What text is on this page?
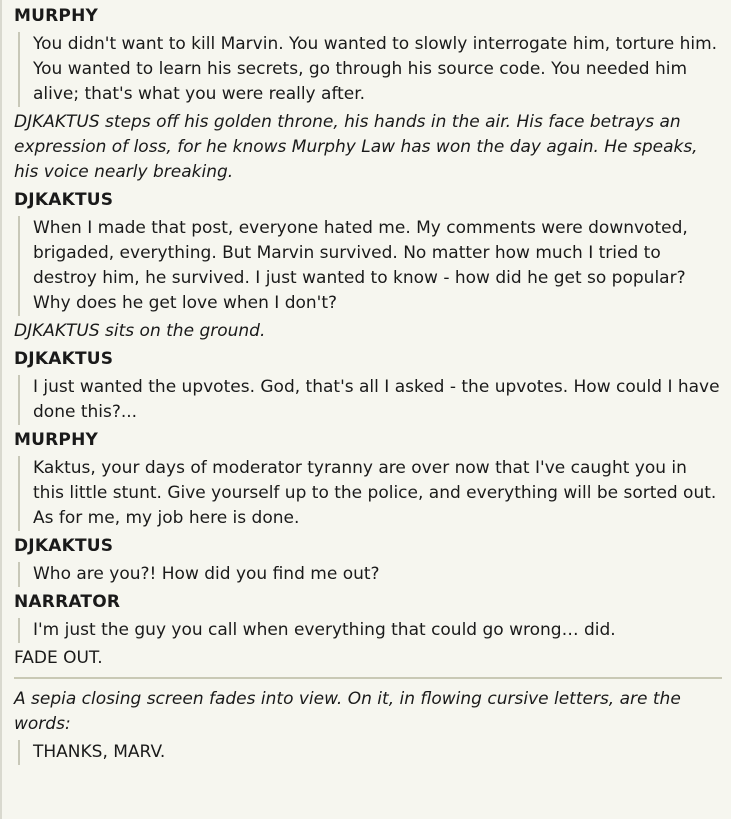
MURPHY

You didn't want to kill Marvin. You wanted to slowly interrogate him, torture him. You wanted to learn his secrets, go through his source code. You needed him alive; that's what you were really after.

DJKAKTUS steps off his golden throne, his hands in the air. His face betrays an expression of loss, for he knows Murphy Law has won the day again. He speaks, his voice nearly breaking.

DJKAKTUS

When I made that post, everyone hated me. My comments were downvoted, brigaded, everything. But Marvin survived. No matter how much I tried to destroy him, he survived. I just wanted to know - how did he get so popular? Why does he get love when I don't?

DJKAKTUS sits on the ground.

DJKAKTUS

I just wanted the upvotes. God, that's all I asked - the upvotes. How could I have done this?...

MURPHY

Kaktus, your days of moderator tyranny are over now that I've caught you in this little stunt. Give yourself up to the police, and everything will be sorted out. As for me, my job here is done.

DJKAKTUS

Who are you?! How did you find me out?

NARRATOR

I'm just the guy you call when everything that could go wrong… did.

FADE OUT.

A sepia closing screen fades into view. On it, in flowing cursive letters, are the words:

THANKS, MARV.
